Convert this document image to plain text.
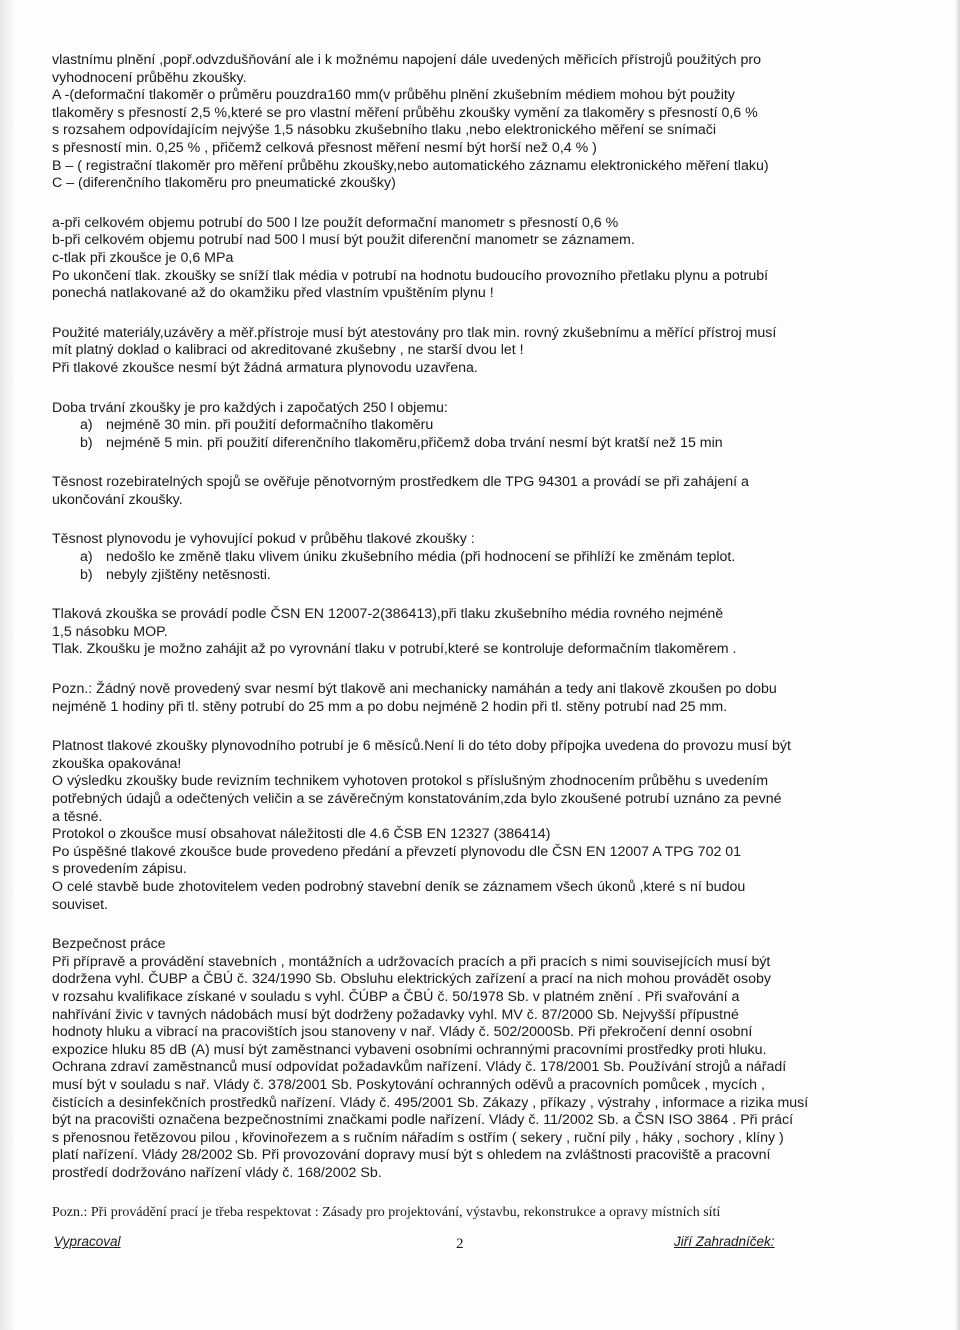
vlastnímu plnění ,popř.odvzdušňování ale i k možnému napojení dále uvedených měřicích přístrojů použitých pro

vyhodnocení průběhu zkoušky.

A -(deformační tlakoměr o průměru pouzdra160 mm(v průběhu plnění zkušebním médiem mohou být použity

tlakoměry s přesností 2,5 %,které se pro vlastní měření průběhu zkoušky vymění za tlakoměry s přesností 0,6 %

s rozsahem odpovídajícím nejvýše 1,5 násobku zkušebního tlaku ,nebo elektronického měření se snímači

s přesností min. 0,25 % , přičemž celková přesnost měření nesmí být horší než 0,4 % )

B – ( registrační tlakoměr pro měření průběhu zkoušky,nebo automatického záznamu elektronického měření tlaku)

C – (diferenčního tlakoměru pro pneumatické zkoušky)

a-při celkovém objemu potrubí do 500 l lze použít deformační manometr s přesností 0,6 %

b-při celkovém objemu potrubí nad 500 l musí být použit diferenční manometr se záznamem.

c-tlak při zkoušce je 0,6 MPa

Po ukončení tlak. zkoušky se sníží tlak média v potrubí na hodnotu budoucího provozního přetlaku plynu a potrubí

ponechá natlakované až do okamžiku před vlastním vpuštěním plynu !

Použité materiály,uzávěry a měř.přístroje musí být atestovány pro tlak min. rovný zkušebnímu a měřící přístroj musí

mít platný doklad o kalibraci od akreditované zkušebny , ne starší dvou let !

Při tlakové zkoušce nesmí být žádná armatura plynovodu uzavřena.

Doba trvání zkoušky je pro každých i započatých 250 l objemu:

a) nejméně 30 min. při použití deformačního tlakoměru

b) nejméně 5 min. při použití diferenčního tlakoměru,přičemž doba trvání nesmí být kratší než 15 min

Těsnost rozebiratelných spojů se ověřuje pěnotvorným prostředkem dle TPG 94301 a provádí se při zahájení a

ukončování zkoušky.

Těsnost plynovodu je vyhovující pokud v průběhu tlakové zkoušky :

a) nedošlo ke změně tlaku vlivem úniku zkušebního média (při hodnocení se přihlíží ke změnám teplot.

b) nebyly zjištěny netěsnosti.

Tlaková zkouška se provádí podle ČSN EN 12007-2(386413),při tlaku zkušebního média rovného nejméně

1,5 násobku MOP.

Tlak. Zkoušku je možno zahájit až po vyrovnání tlaku v potrubí,které se kontroluje deformačním tlakoměrem .

Pozn.: Žádný nově provedený svar nesmí být tlakově ani mechanicky namáhán a tedy ani tlakově zkoušen po dobu

nejméně 1 hodiny při tl. stěny potrubí do 25 mm a po dobu nejméně 2 hodin při tl. stěny potrubí nad 25 mm.

Platnost tlakové zkoušky plynovodního potrubí je 6 měsíců.Není li do této doby přípojka uvedena do provozu musí být

zkouška opakována!

O výsledku zkoušky bude revizním technikem vyhotoven protokol s příslušným zhodnocením průběhu s uvedením

potřebných údajů a odečtených veličin a se závěrečným konstatováním,zda bylo zkoušené potrubí uznáno za pevné

a těsné.

Protokol o zkoušce musí obsahovat náležitosti dle 4.6 ČSB EN 12327 (386414)

Po úspěšné tlakové zkoušce bude provedeno předání a převzetí plynovodu dle ČSN EN 12007 A TPG 702 01

s provedením zápisu.

O celé stavbě bude zhotovitelem veden podrobný stavební deník se záznamem všech úkonů ,které s ní budou

souviset.

Bezpečnost práce

Při přípravě a provádění stavebních , montážních a udržovacích pracích a při pracích s nimi souvisejících musí být

dodržena vyhl. ČUBP a ČBÚ č. 324/1990 Sb. Obsluhu elektrických zařízení a prací na nich mohou provádět osoby

v rozsahu kvalifikace získané v souladu s vyhl. ČÚBP a ČBÚ č. 50/1978 Sb. v platném znění . Při svařování a

nahřívání živic v tavných nádobách musí být dodrženy požadavky vyhl. MV č. 87/2000 Sb. Nejvyšší přípustné

hodnoty hluku a vibrací na pracovištích jsou stanoveny v nař. Vlády č. 502/2000Sb. Při překročení denní osobní

expozice hluku 85 dB (A) musí být zaměstnanci vybaveni osobními ochrannými pracovními prostředky proti hluku.

Ochrana zdraví zaměstnanců musí odpovídat požadavkům nařízení. Vlády č. 178/2001 Sb. Používání strojů a nářadí

musí být v souladu s nař. Vlády č. 378/2001 Sb. Poskytování ochranných oděvů a pracovních pomůcek , mycích ,

čistících a desinfekčních prostředků nařízení. Vlády č. 495/2001 Sb. Zákazy , příkazy , výstrahy , informace a rizika musí

být na pracovišti označena bezpečnostními značkami podle nařízení. Vlády č. 11/2002 Sb. a ČSN ISO 3864 . Při prácí

s přenosnou řetězovou pilou , křovinořezem a s ručním nářadím s ostřím ( sekery , ruční pily , háky , sochory , klíny )

platí nařízení. Vlády 28/2002 Sb. Při provozování dopravy musí být s ohledem na zvláštnosti pracoviště a pracovní

prostředí dodržováno nařízení vlády č. 168/2002 Sb.

Pozn.: Při provádění prací je třeba respektovat : Zásady pro projektování, výstavbu, rekonstrukce a opravy místních sítí

Vypracoval	Jiří Zahradníček:
2
